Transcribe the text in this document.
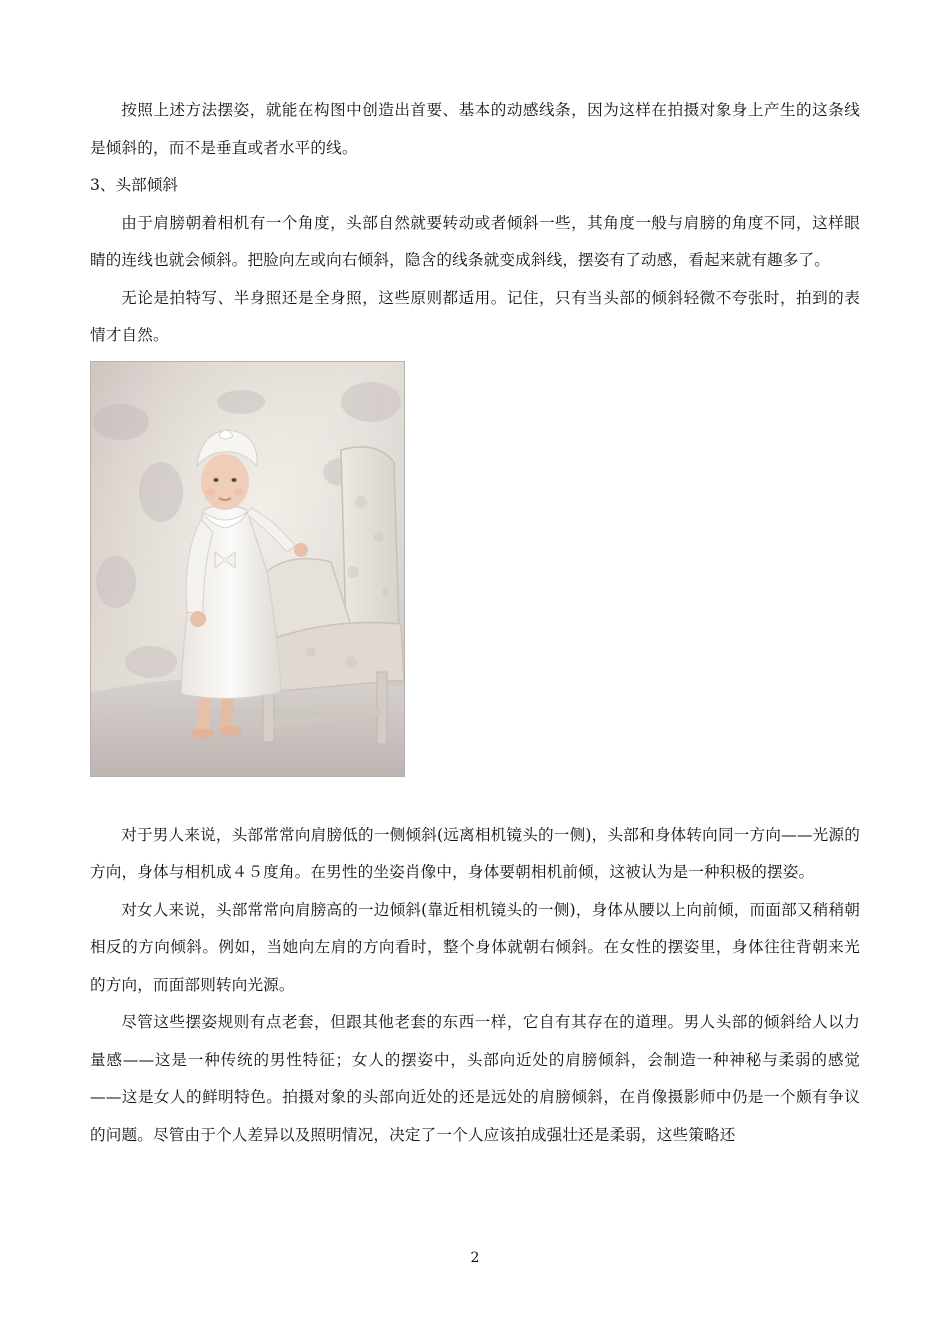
按照上述方法摆姿，就能在构图中创造出首要、基本的动感线条，因为这样在拍摄对象身上产生的这条线是倾斜的，而不是垂直或者水平的线。

3、头部倾斜

由于肩膀朝着相机有一个角度，头部自然就要转动或者倾斜一些，其角度一般与肩膀的角度不同，这样眼睛的连线也就会倾斜。把脸向左或向右倾斜，隐含的线条就变成斜线，摆姿有了动感，看起来就有趣多了。

无论是拍特写、半身照还是全身照，这些原则都适用。记住，只有当头部的倾斜轻微不夸张时，拍到的表情才自然。

对于男人来说，头部常常向肩膀低的一侧倾斜(远离相机镜头的一侧)，头部和身体转向同一方向——光源的方向，身体与相机成４５度角。在男性的坐姿肖像中，身体要朝相机前倾，这被认为是一种积极的摆姿。

对女人来说，头部常常向肩膀高的一边倾斜(靠近相机镜头的一侧)，身体从腰以上向前倾，而面部又稍稍朝相反的方向倾斜。例如，当她向左肩的方向看时，整个身体就朝右倾斜。在女性的摆姿里，身体往往背朝来光的方向，而面部则转向光源。

尽管这些摆姿规则有点老套，但跟其他老套的东西一样，它自有其存在的道理。男人头部的倾斜给人以力量感——这是一种传统的男性特征；女人的摆姿中，头部向近处的肩膀倾斜，会制造一种神秘与柔弱的感觉——这是女人的鲜明特色。拍摄对象的头部向近处的还是远处的肩膀倾斜，在肖像摄影师中仍是一个颇有争议的问题。尽管由于个人差异以及照明情况，决定了一个人应该拍成强壮还是柔弱，这些策略还

2
